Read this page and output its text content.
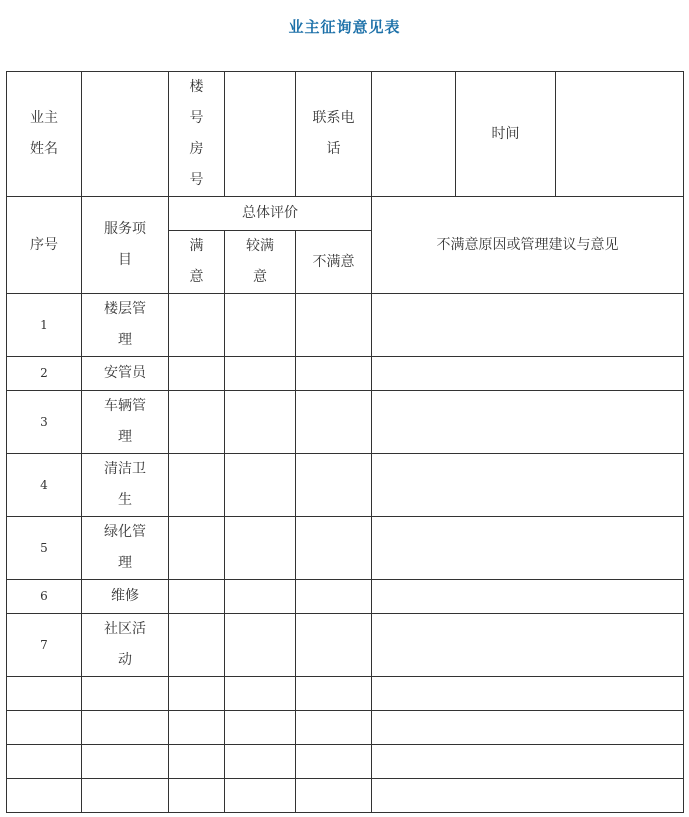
业主征询意见表
业主姓名		楼号房号		联系电话		时间	
序号	服务项目	总体评价			不满意原因或管理建议与意见		
		满意	较满意	不满意			
1	楼层管理						
2	安管员						
3	车辆管理						
4	清洁卫生						
5	绿化管理						
6	维修						
7	社区活动						
